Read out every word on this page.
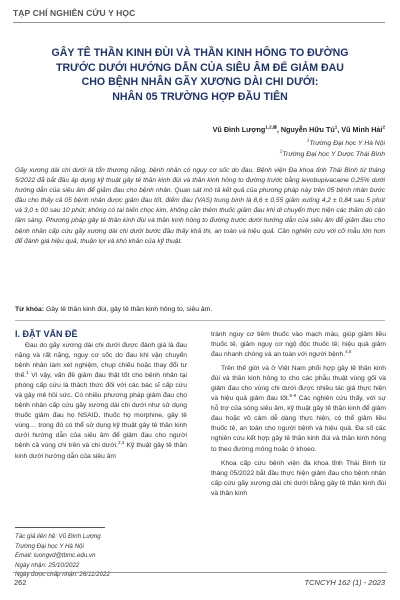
TẠP CHÍ NGHIÊN CỨU Y HỌC
GÂY TÊ THẦN KINH ĐÙI VÀ THẦN KINH HÔNG TO ĐƯỜNG
TRƯỚC DƯỚI HƯỚNG DẪN CỦA SIÊU ÂM ĐỂ GIẢM ĐAU
CHO BỆNH NHÂN GÃY XƯƠNG DÀI CHI DƯỚI:
NHÂN 05 TRƯỜNG HỢP ĐẦU TIÊN
Vũ Đình Lượng$^{1,2,⊠}$, Nguyễn Hữu $Tú^1$, Vũ Minh Hải$^2$
$^1$Trường Đại học Y Hà Nội
$^2$Trường Đại học Y Dược Thái Bình
Gãy xương dài chi dưới là tổn thương nặng, bệnh nhân có nguy cơ sốc do đau. Bệnh viện Đa khoa tỉnh Thái Bình từ tháng 5/2022 đã bắt đầu áp dụng kỹ thuật gây tê thần kinh đùi và thần kinh hông to đường trước bằng levobupivacaine 0,25% dưới hướng dẫn của siêu âm để giảm đau cho bệnh nhân. Quan sát mô tả kết quả của phương pháp này trên 05 bệnh nhân bước đầu cho thấy cả 05 bệnh nhân được giảm đau tốt, điểm đau (VAS) trung bình là 8,6 ± 0,55 giảm xuống 4,2 ± 0,84 sau 5 phút và 3,0 ± 00 sau 10 phút; không có tai biến chọc kim, không cần thêm thuốc giảm đau khi di chuyển thực hiện các thăm dò cận lâm sàng. Phương pháp gây tê thần kinh đùi và thần kinh hông to đường trước dưới hướng dẫn của siêu âm để giảm đau cho bệnh nhân cấp cứu gãy xương dài chi dưới bước đầu thấy khả thi, an toàn và hiệu quả. Cần nghiên cứu với cỡ mẫu lớn hơn để đánh giá hiệu quả, thuận lợi và khó khăn của kỹ thuật.
Từ khóa: Gây tê thần kinh đùi, gây tê thần kinh hông to, siêu âm.
I. ĐẶT VẤN ĐỀ

Đau do gãy xương dài chi dưới được đánh giá là đau nặng và rất nặng, nguy cơ sốc do đau khi vận chuyển bệnh nhân làm xét nghiệm, chụp chiếu hoặc thay đổi tư thế.$^1$ Vì vậy, vấn đề giảm đau thật tốt cho bệnh nhân tại phòng cấp cứu là thách thức đối với các bác sĩ cấp cứu và gây mê hồi sức. Có nhiều phương pháp giảm đau cho bệnh nhân cấp cứu gãy xương dài chi dưới như sử dụng thuốc giảm đau họ NSAID, thuốc họ morphine, gây tê vùng… trong đó có thể sử dụng kỹ thuật gây tê thần kinh dưới hướng dẫn của siêu âm để giảm đau cho người bệnh cả vùng chi trên và chi dưới.$^{2,3}$ Kỹ thuật gây tê thần kinh dưới hướng dẫn của siêu âm

tránh nguy cơ tiêm thuốc vào mạch máu, giúp giảm liều thuốc tê, giảm nguy cơ ngộ độc thuốc tê; hiệu quả giảm đau nhanh chóng và an toàn với người bệnh.$^{4,5}$

Trên thế giới và ở Việt Nam phối hợp gây tê thần kinh đùi và thần kinh hông to cho các phẫu thuật vùng gối và giảm đau cho vùng chi dưới được nhiều tác giả thực hiện và hiệu quả giảm đau tốt.$^{6-9}$ Các nghiên cứu thấy, với sự hỗ trợ của sóng siêu âm, kỹ thuật gây tê thần kinh để giảm đau hoặc vô cảm dễ dàng thực hiện, có thể giảm liều thuốc tê, an toàn cho người bệnh và hiệu quả. Đa số các nghiên cứu kết hợp gây tê thần kinh đùi và thần kinh hông to theo đường mông hoặc ở khoeo.

Khoa cấp cứu bệnh viện đa khoa tỉnh Thái Bình từ tháng 05/2022 bắt đầu thực hiện giảm đau cho bệnh nhân cấp cứu gãy xương dài chi dưới bằng gây tê thần kinh đùi và thần kinh

Tác giả liên hệ: Vũ Đình Lượng
Trường Đại học Y Hà Nội
Email: luongvd@tbmc.edu.vn
Ngày nhận: 25/10/2022
Ngày được chấp nhận: 26/11/2022
262	TCNCYH 162 (1) - 2023
